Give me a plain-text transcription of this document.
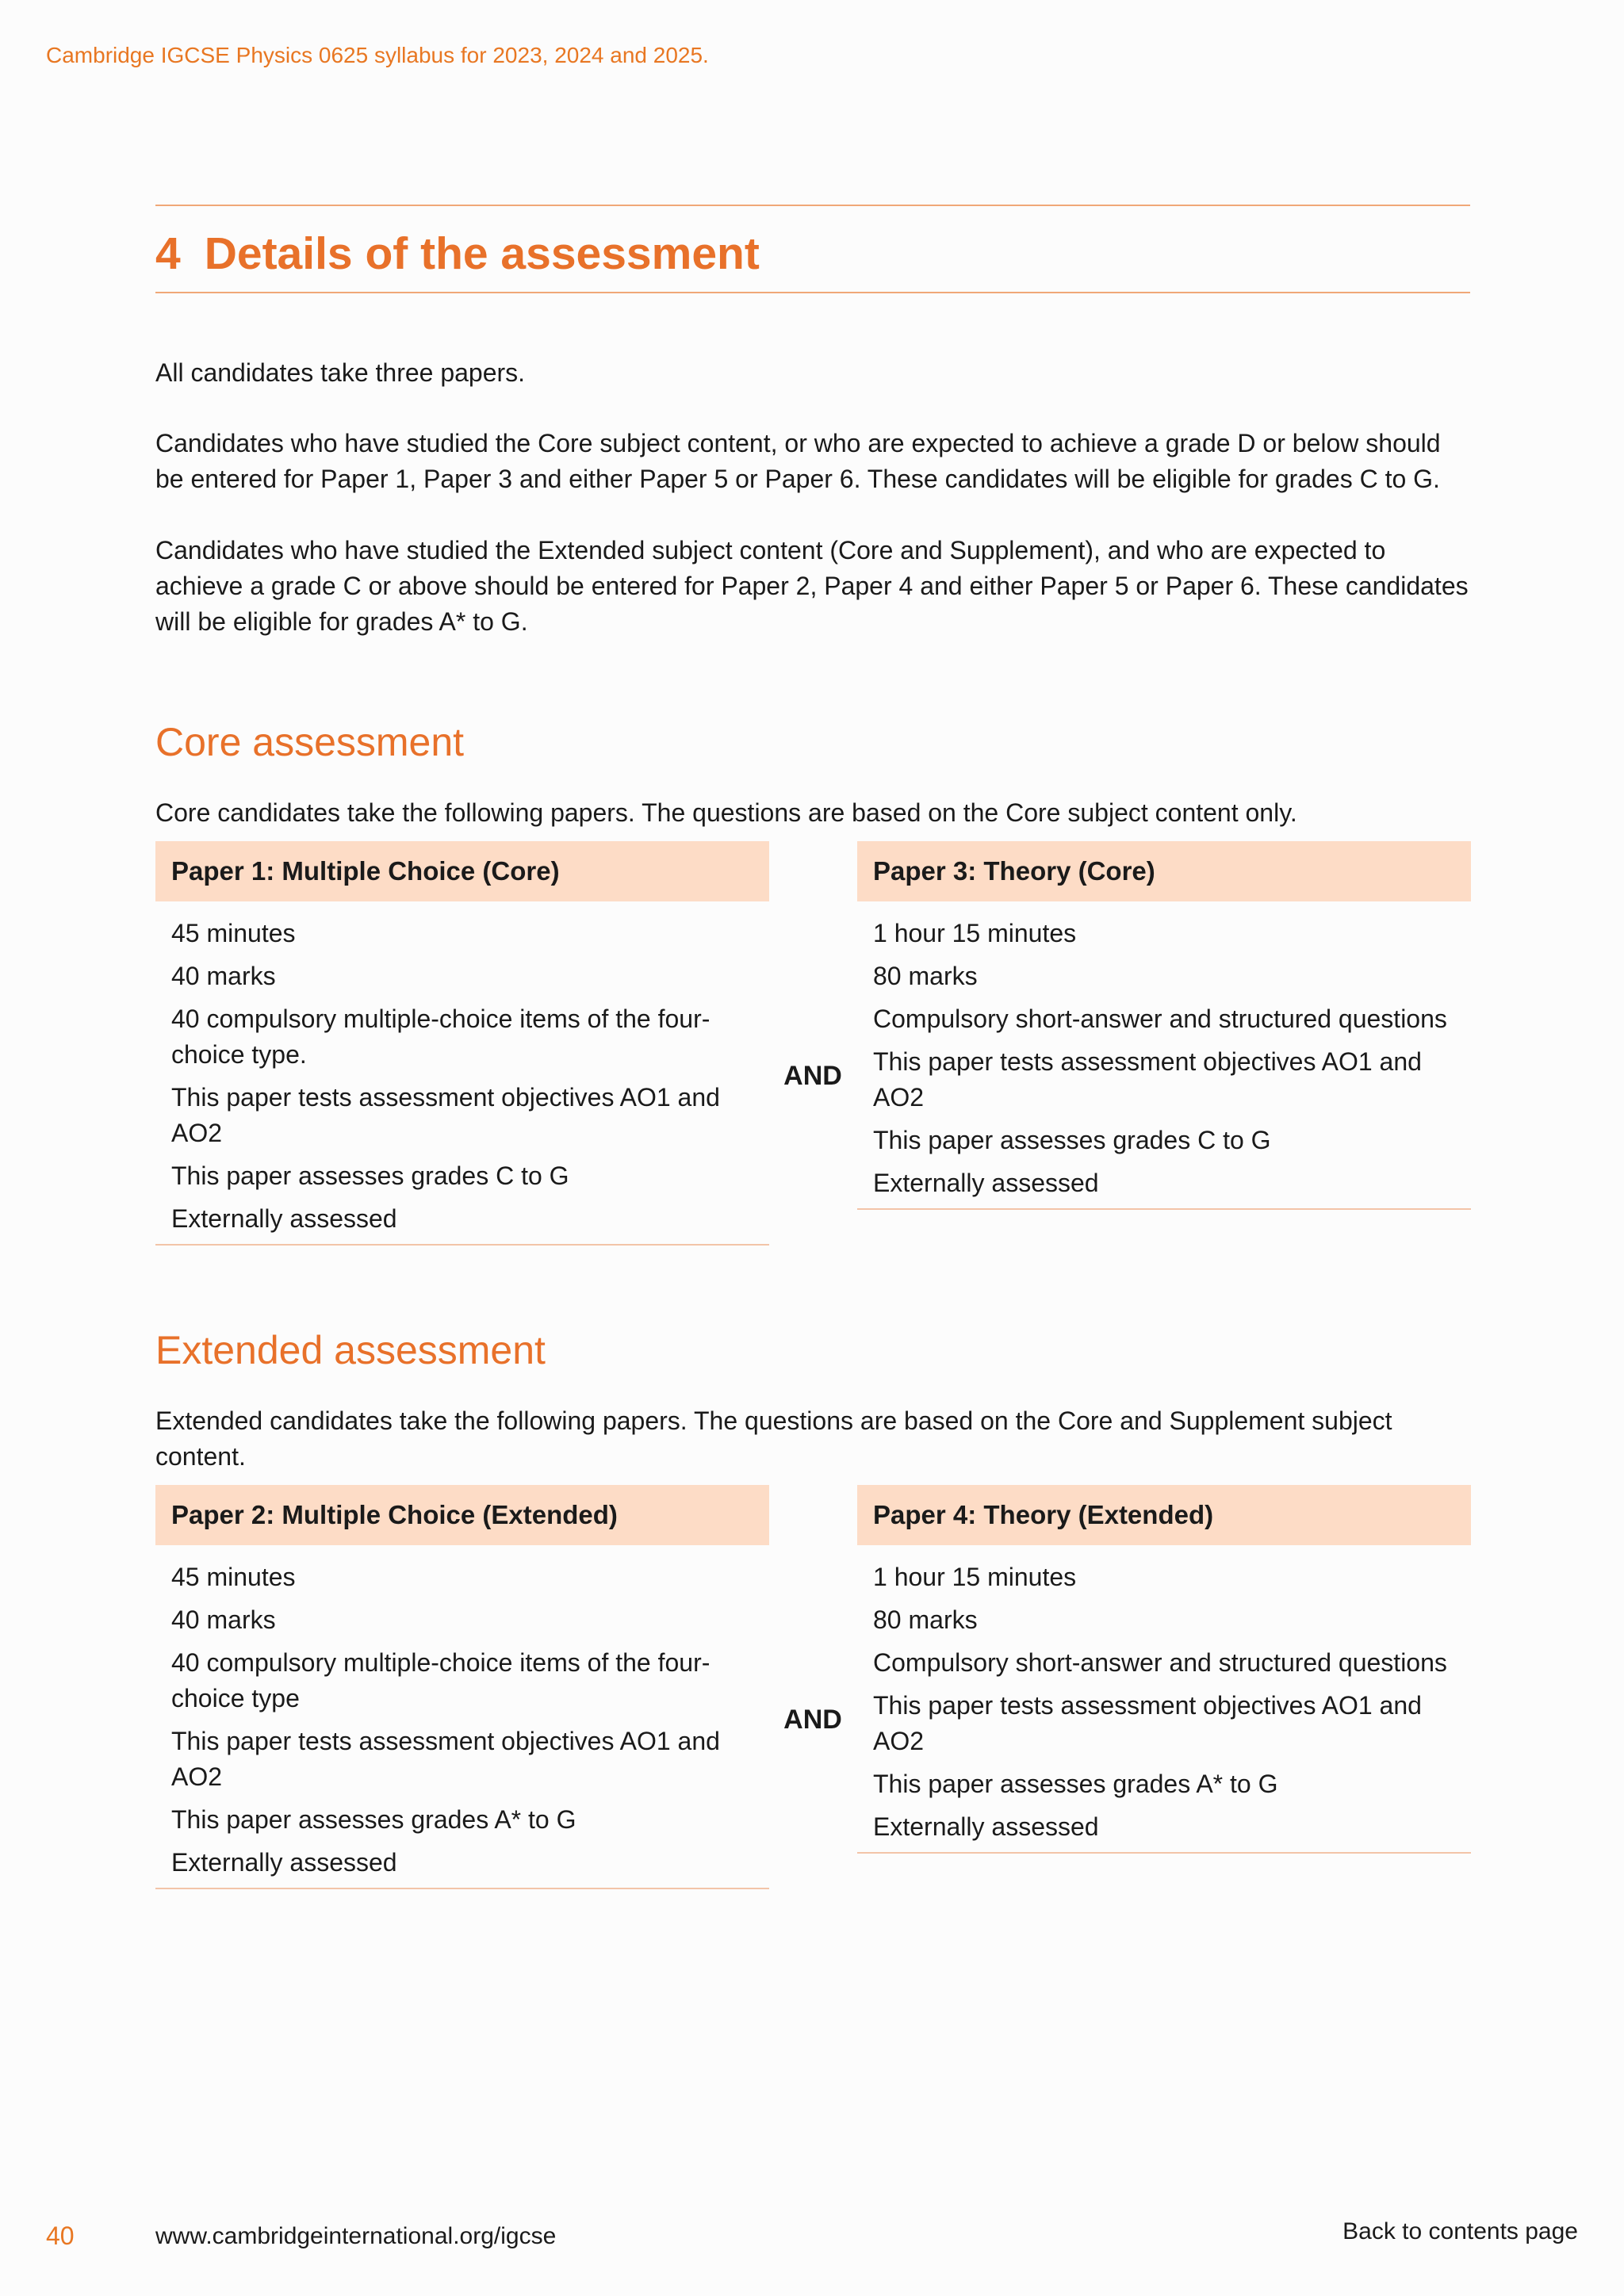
Cambridge IGCSE Physics 0625 syllabus for 2023, 2024 and 2025.
4 Details of the assessment

All candidates take three papers.

Candidates who have studied the Core subject content, or who are expected to achieve a grade D or below should be entered for Paper 1, Paper 3 and either Paper 5 or Paper 6. These candidates will be eligible for grades C to G.

Candidates who have studied the Extended subject content (Core and Supplement), and who are expected to achieve a grade C or above should be entered for Paper 2, Paper 4 and either Paper 5 or Paper 6. These candidates will be eligible for grades A* to G.

Core assessment

Core candidates take the following papers. The questions are based on the Core subject content only.

Paper 1: Multiple Choice (Core)
45 minutes
40 marks
40 compulsory multiple-choice items of the four-choice type.
This paper tests assessment objectives AO1 and AO2
This paper assesses grades C to G
Externally assessed
AND
Paper 3: Theory (Core)
1 hour 15 minutes
80 marks
Compulsory short-answer and structured questions
This paper tests assessment objectives AO1 and AO2
This paper assesses grades C to G
Externally assessed
Extended assessment

Extended candidates take the following papers. The questions are based on the Core and Supplement subject content.

Paper 2: Multiple Choice (Extended)
45 minutes
40 marks
40 compulsory multiple-choice items of the four-choice type
This paper tests assessment objectives AO1 and AO2
This paper assesses grades A* to G
Externally assessed
AND
Paper 4: Theory (Extended)
1 hour 15 minutes
80 marks
Compulsory short-answer and structured questions
This paper tests assessment objectives AO1 and AO2
This paper assesses grades A* to G
Externally assessed
40	www.cambridgeinternational.org/igcse	Back to contents page
